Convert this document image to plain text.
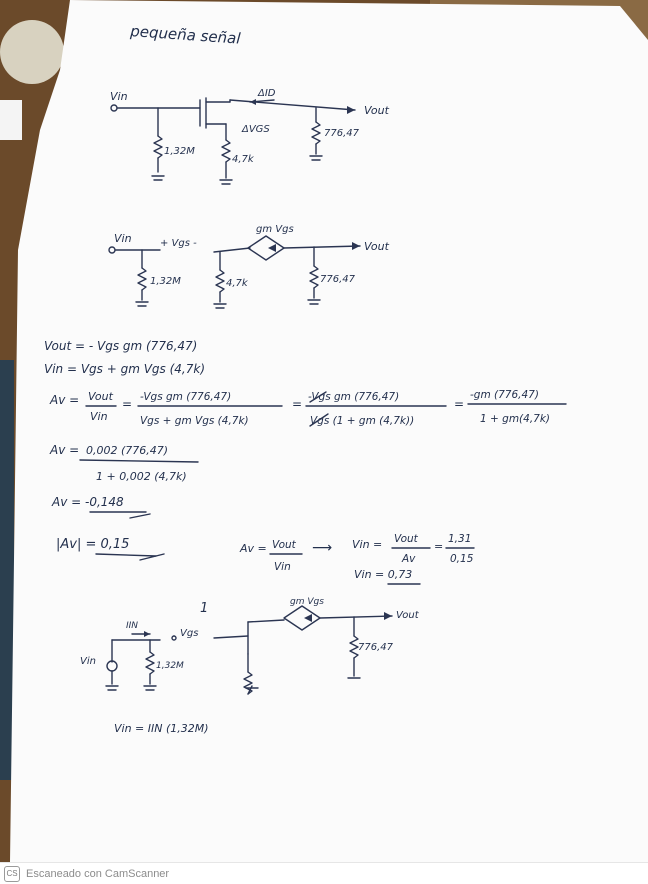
pequeña señal
Vin	ΔID
Vout
1,32M
4,7k
ΔVGS	776,47
Vin	+ Vgs -
gm Vgs
Vout
1,32M	4,7k	776,47
Vout = - Vgs gm (776,47)
Vin = Vgs + gm Vgs (4,7k)
Av = Vout
Vin
= -Vgs gm (776,47)
Vgs + gm Vgs (4,7k)
= -Vgs gm (776,47)
Vgs (1 + gm (4,7k))
=
-gm (776,47)
1 + gm(4,7k)
Av = 0,002 (776,47)
1 + 0,002 (4,7k)
Av = -0,148
|Av| = 0,15	Av = Vout
Vin
⟶ Vin = Vout
Av
=
1,31
0,15
Vin = 0,73
1
IIN
Vgs
gm Vgs
Vout
Vin	1,32M
776,47
Vin = IIN (1,32M)
CS Escaneado con CamScanner
